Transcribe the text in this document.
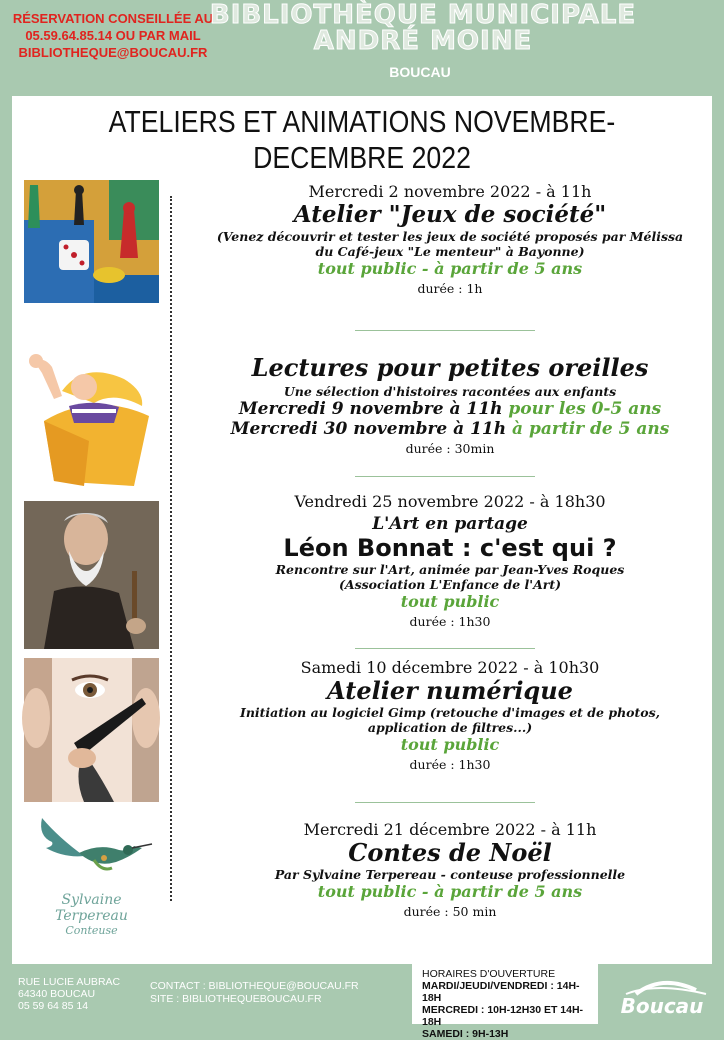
RÉSERVATION CONSEILLÉE AU
05.59.64.85.14 OU PAR MAIL
BIBLIOTHEQUE@BOUCAU.FR
BIBLIOTHÈQUE MUNICIPALE
ANDRÉ MOINE
BOUCAU
ATELIERS ET ANIMATIONS NOVEMBRE-DECEMBRE 2022
Sylvaine Terpereau
Conteuse
Mercredi 2 novembre 2022 - à 11h
Atelier "Jeux de société"
(Venez découvrir et tester les jeux de société proposés par Mélissa
du Café-jeux "Le menteur" à Bayonne)
tout public - à partir de 5 ans
durée : 1h
Lectures pour petites oreilles
Une sélection d'histoires racontées aux enfants
Mercredi 9 novembre à 11h pour les 0-5 ans
Mercredi 30 novembre à 11h à partir de 5 ans
durée : 30min
Vendredi 25 novembre 2022 - à 18h30
L'Art en partage
Léon Bonnat : c'est qui ?
Rencontre sur l'Art, animée par Jean-Yves Roques
(Association L'Enfance de l'Art)
tout public
durée : 1h30
Samedi 10 décembre 2022 - à 10h30
Atelier numérique
Initiation au logiciel Gimp (retouche d'images et de photos,
application de filtres...)
tout public
durée : 1h30
Mercredi 21 décembre 2022 - à 11h
Contes de Noël
Par Sylvaine Terpereau - conteuse professionnelle
tout public - à partir de 5 ans
durée : 50 min
RUE LUCIE AUBRAC
64340 BOUCAU
05 59 64 85 14
CONTACT : BIBLIOTHEQUE@BOUCAU.FR
SITE : BIBLIOTHEQUEBOUCAU.FR
HORAIRES D'OUVERTURE
MARDI/JEUDI/VENDREDI : 14H-18H
MERCREDI : 10H-12H30 ET 14H-18H
SAMEDI : 9H-13H
Boucau
